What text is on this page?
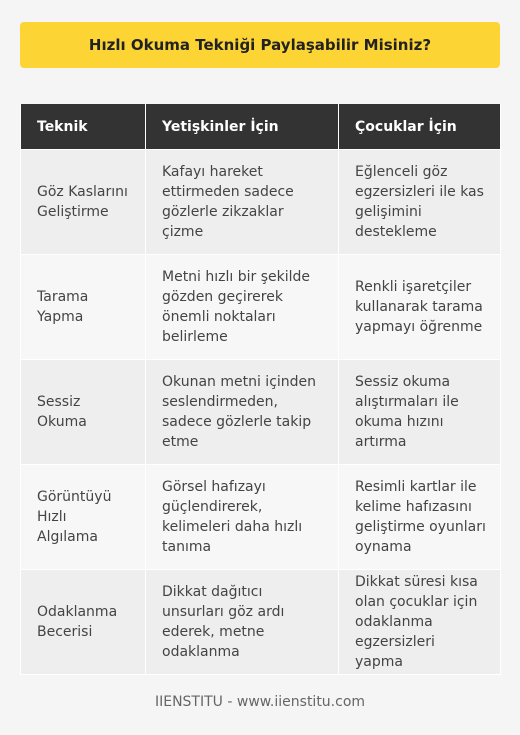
Hızlı Okuma Tekniği Paylaşabilir Misiniz?
Teknik	Yetişkinler İçin	Çocuklar İçin
Göz Kaslarını Geliştirme	Kafayı hareket ettirmeden sadece gözlerle zikzaklar çizme	Eğlenceli göz egzersizleri ile kas gelişimini destekleme
Tarama Yapma	Metni hızlı bir şekilde gözden geçirerek önemli noktaları belirleme	Renkli işaretçiler kullanarak tarama yapmayı öğrenme
Sessiz Okuma	Okunan metni içinden seslendirmeden, sadece gözlerle takip etme	Sessiz okuma alıştırmaları ile okuma hızını artırma
Görüntüyü Hızlı Algılama	Görsel hafızayı güçlendirerek, kelimeleri daha hızlı tanıma	Resimli kartlar ile kelime hafızasını geliştirme oyunları oynama
Odaklanma Becerisi	Dikkat dağıtıcı unsurları göz ardı ederek, metne odaklanma	Dikkat süresi kısa olan çocuklar için odaklanma egzersizleri yapma
IIENSTITU - www.iienstitu.com
